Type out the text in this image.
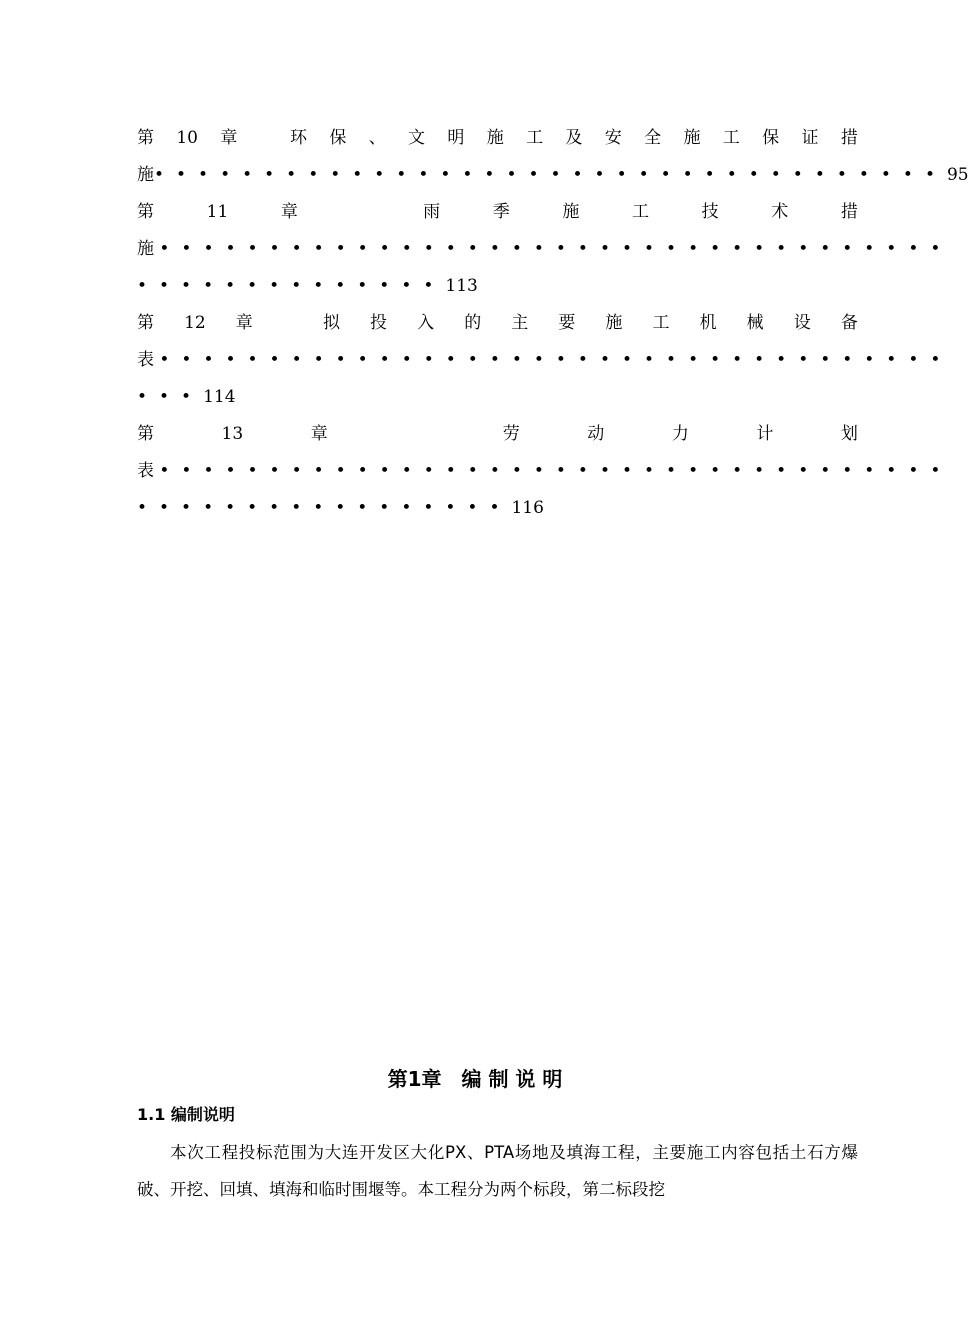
第 10 章	环 保 、 文 明 施 工 及 安 全 施 工 保 证 措
施••••••••••••••••••••••••••••••••••••95
第	11	章	雨	季	施	工	技	术	措
施 ••••••••••••••••••••••••••••••••••••
••••••••••••••113
第 12 章	拟 投 入 的 主 要 施 工 机 械 设 备
表 ••••••••••••••••••••••••••••••••••••
•••114
第	13	章	劳	动	力	计	划
表 ••••••••••••••••••••••••••••••••••••
•••••••••••••••••116
第1章　编 制 说 明
1.1 编制说明
本次工程投标范围为大连开发区大化PX、PTA场地及填海工程，主要施工内容包括土石方爆破、开挖、回填、填海和临时围堰等。本工程分为两个标段，第二标段挖
